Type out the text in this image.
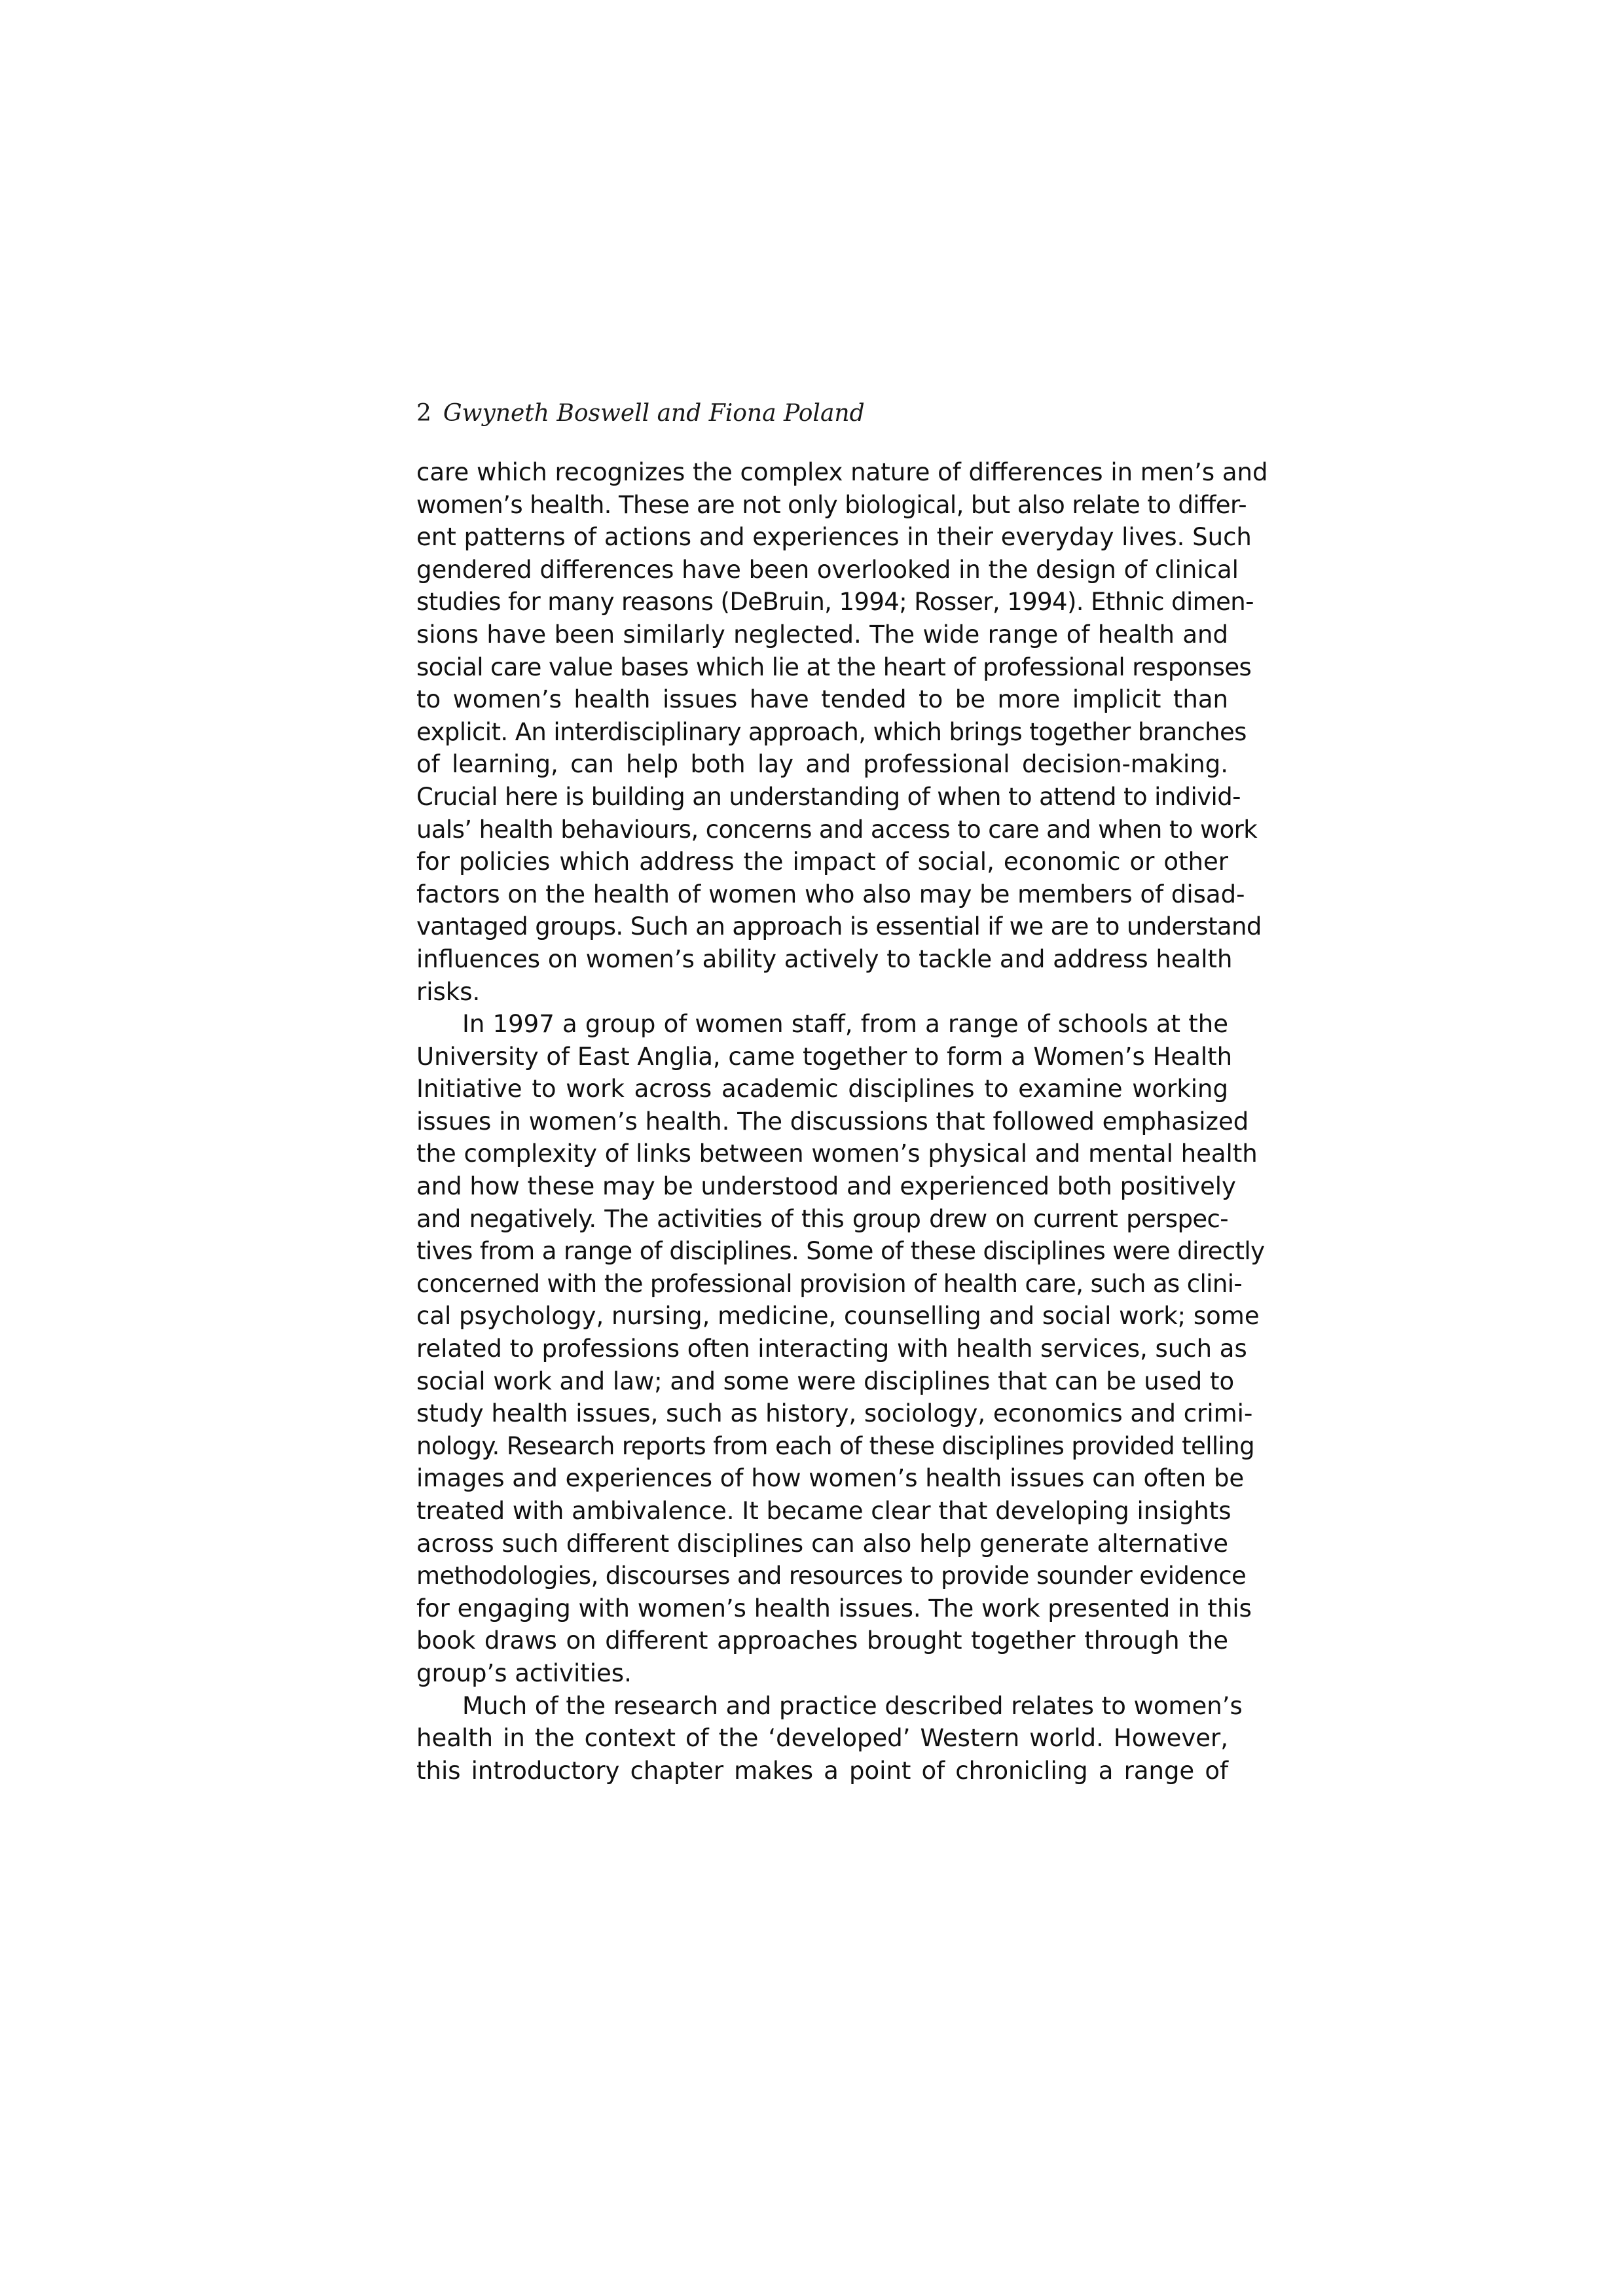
2 Gwyneth Boswell and Fiona Poland
care which recognizes the complex nature of differences in men’s and
women’s health. These are not only biological, but also relate to differ-
ent patterns of actions and experiences in their everyday lives. Such
gendered differences have been overlooked in the design of clinical
studies for many reasons (DeBruin, 1994; Rosser, 1994). Ethnic dimen-
sions have been similarly neglected. The wide range of health and
social care value bases which lie at the heart of professional responses
to women’s health issues have tended to be more implicit than
explicit. An interdisciplinary approach, which brings together branches
of learning, can help both lay and professional decision-making.
Crucial here is building an understanding of when to attend to individ-
uals’ health behaviours, concerns and access to care and when to work
for policies which address the impact of social, economic or other
factors on the health of women who also may be members of disad-
vantaged groups. Such an approach is essential if we are to understand
influences on women’s ability actively to tackle and address health
risks.
In 1997 a group of women staff, from a range of schools at the
University of East Anglia, came together to form a Women’s Health
Initiative to work across academic disciplines to examine working
issues in women’s health. The discussions that followed emphasized
the complexity of links between women’s physical and mental health
and how these may be understood and experienced both positively
and negatively. The activities of this group drew on current perspec-
tives from a range of disciplines. Some of these disciplines were directly
concerned with the professional provision of health care, such as clini-
cal psychology, nursing, medicine, counselling and social work; some
related to professions often interacting with health services, such as
social work and law; and some were disciplines that can be used to
study health issues, such as history, sociology, economics and crimi-
nology. Research reports from each of these disciplines provided telling
images and experiences of how women’s health issues can often be
treated with ambivalence. It became clear that developing insights
across such different disciplines can also help generate alternative
methodologies, discourses and resources to provide sounder evidence
for engaging with women’s health issues. The work presented in this
book draws on different approaches brought together through the
group’s activities.
Much of the research and practice described relates to women’s
health in the context of the ‘developed’ Western world. However,
this introductory chapter makes a point of chronicling a range of
